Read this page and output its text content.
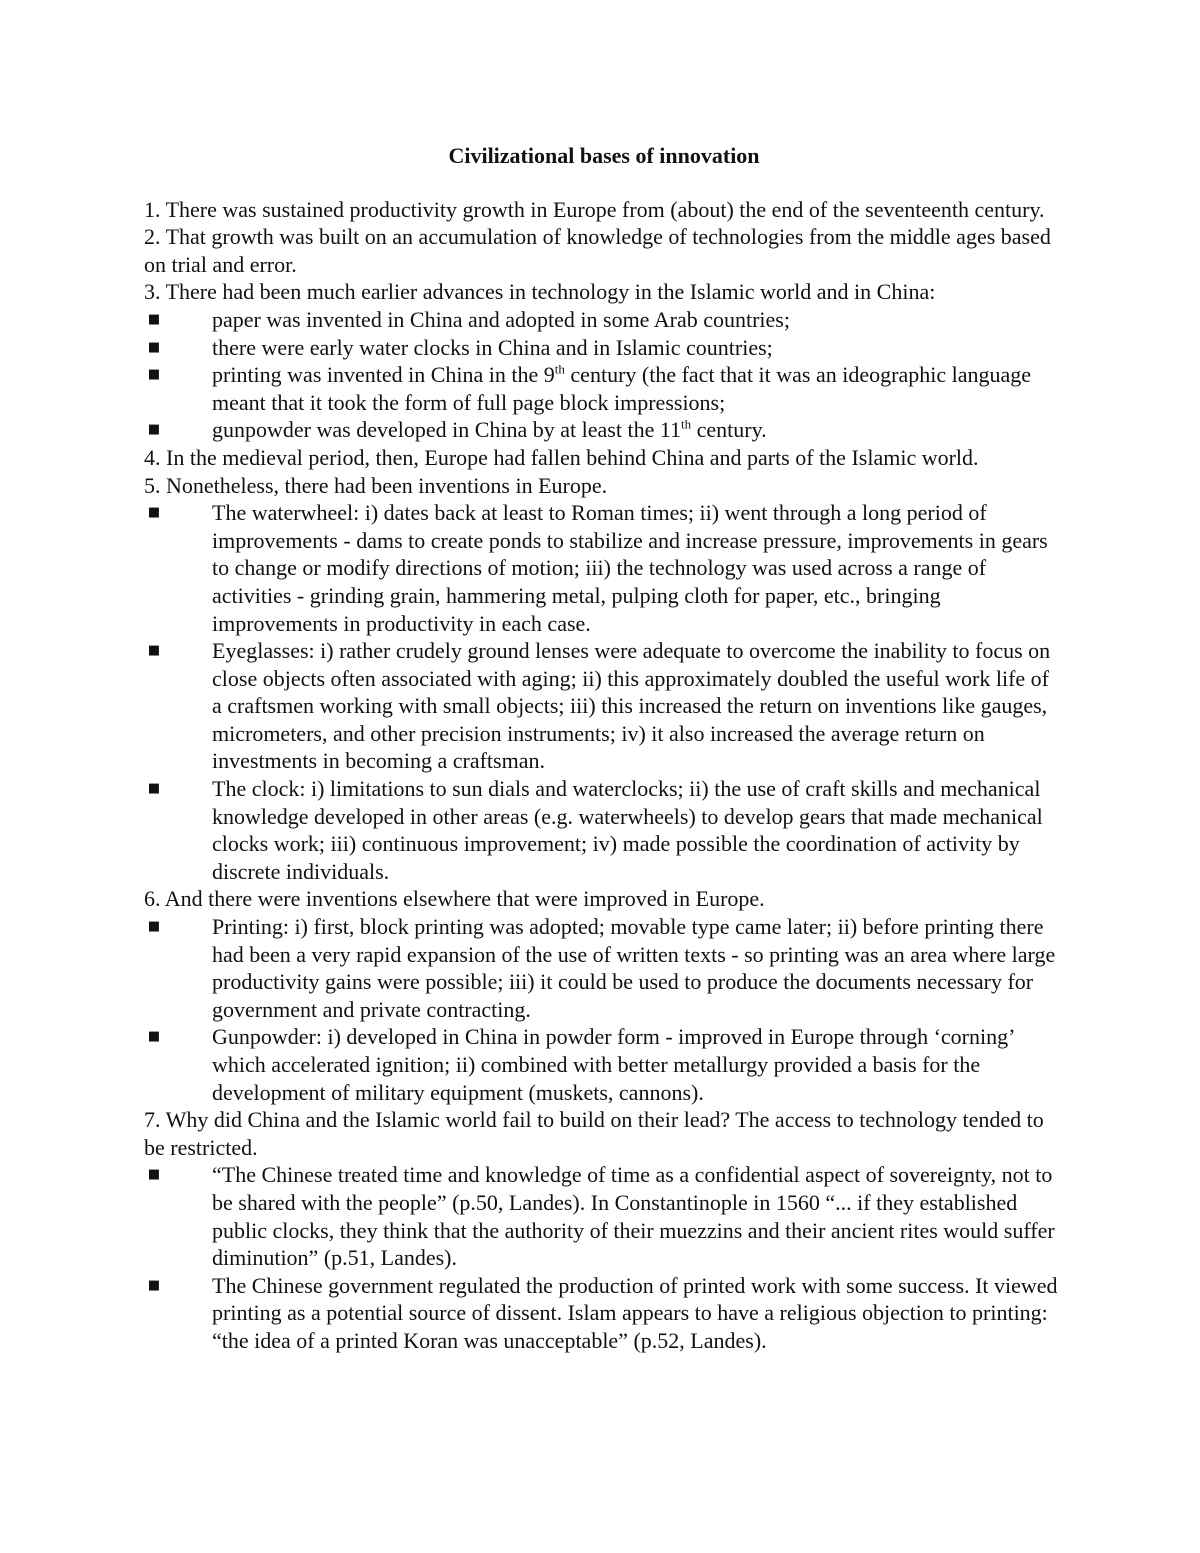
Civilizational bases of innovation

1. There was sustained productivity growth in Europe from (about) the end of the seventeenth century.

2. That growth was built on an accumulation of knowledge of technologies from the middle ages based on trial and error.

3. There had been much earlier advances in technology in the Islamic world and in China:

■ paper was invented in China and adopted in some Arab countries;
■ there were early water clocks in China and in Islamic countries;
■ printing was invented in China in the 9th century (the fact that it was an ideographic language meant that it took the form of full page block impressions;
■ gunpowder was developed in China by at least the 11th century.

4. In the medieval period, then, Europe had fallen behind China and parts of the Islamic world.

5. Nonetheless, there had been inventions in Europe.

■ The waterwheel: i) dates back at least to Roman times; ii) went through a long period of improvements - dams to create ponds to stabilize and increase pressure, improvements in gears to change or modify directions of motion; iii) the technology was used across a range of activities - grinding grain, hammering metal, pulping cloth for paper, etc., bringing improvements in productivity in each case.
■ Eyeglasses: i) rather crudely ground lenses were adequate to overcome the inability to focus on close objects often associated with aging; ii) this approximately doubled the useful work life of a craftsmen working with small objects; iii) this increased the return on inventions like gauges, micrometers, and other precision instruments; iv) it also increased the average return on investments in becoming a craftsman.
■ The clock: i) limitations to sun dials and waterclocks; ii) the use of craft skills and mechanical knowledge developed in other areas (e.g. waterwheels) to develop gears that made mechanical clocks work; iii) continuous improvement; iv) made possible the coordination of activity by discrete individuals.

6. And there were inventions elsewhere that were improved in Europe.

■ Printing: i) first, block printing was adopted; movable type came later; ii) before printing there had been a very rapid expansion of the use of written texts - so printing was an area where large productivity gains were possible; iii) it could be used to produce the documents necessary for government and private contracting.
■ Gunpowder: i) developed in China in powder form - improved in Europe through ‘corning’ which accelerated ignition; ii) combined with better metallurgy provided a basis for the development of military equipment (muskets, cannons).

7. Why did China and the Islamic world fail to build on their lead? The access to technology tended to be restricted.

■ “The Chinese treated time and knowledge of time as a confidential aspect of sovereignty, not to be shared with the people” (p.50, Landes). In Constantinople in 1560 “... if they established public clocks, they think that the authority of their muezzins and their ancient rites would suffer diminution” (p.51, Landes).
■ The Chinese government regulated the production of printed work with some success. It viewed printing as a potential source of dissent. Islam appears to have a religious objection to printing: “the idea of a printed Koran was unacceptable” (p.52, Landes).
